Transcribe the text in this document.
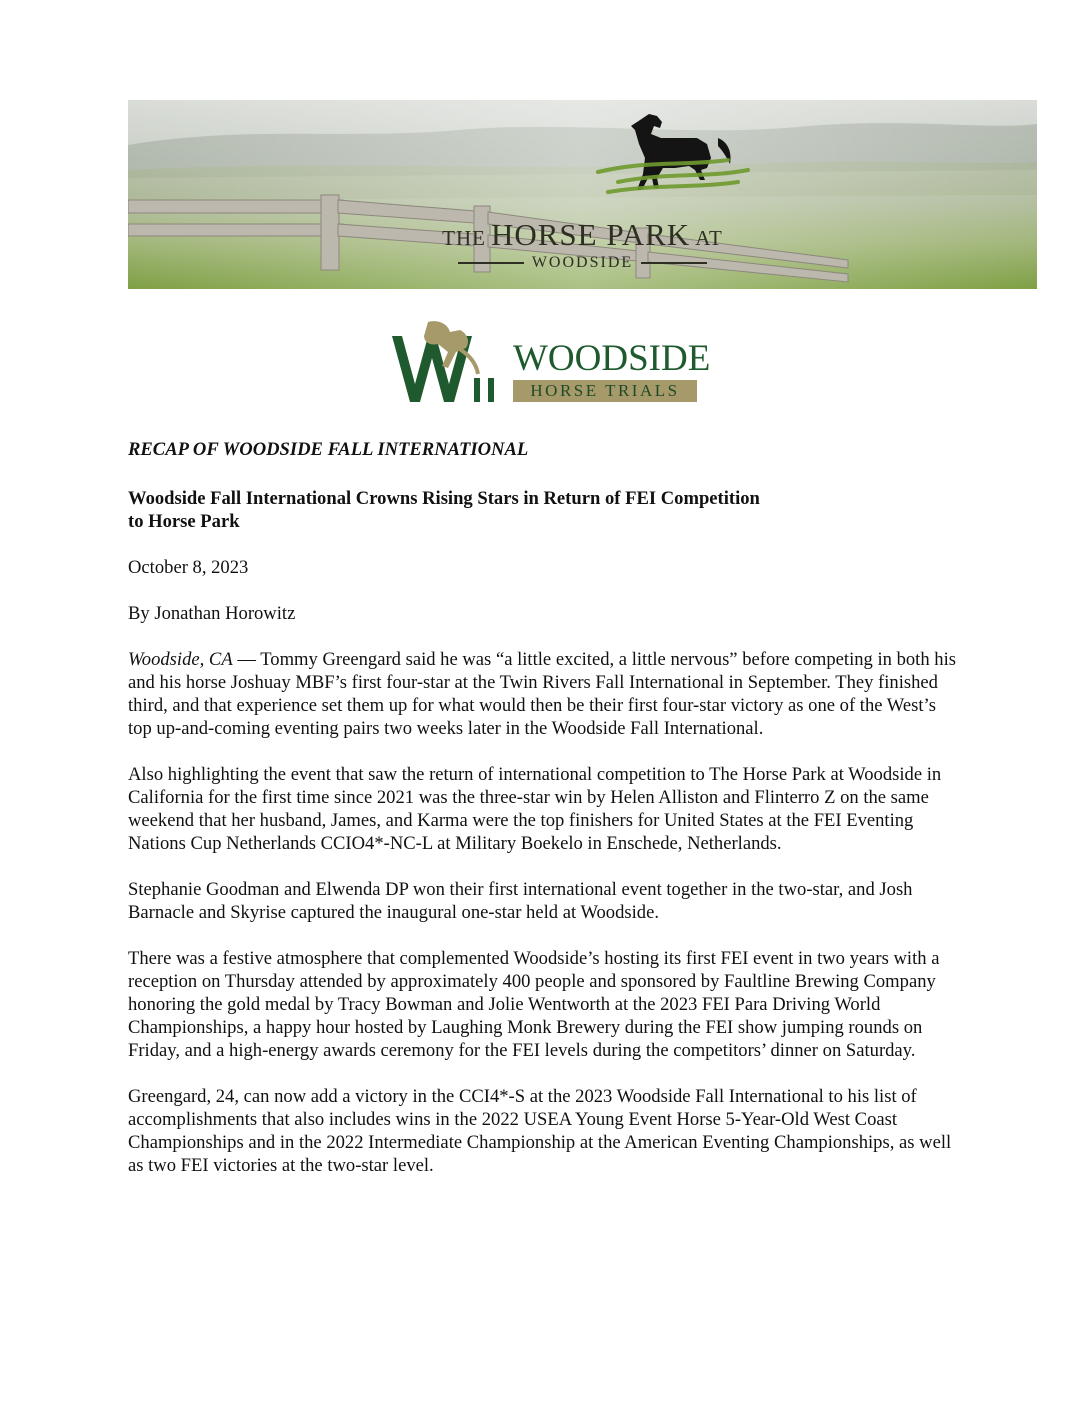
THE HORSE PARK AT
WOODSIDE
WOODSIDE
HORSE TRIALS

RECAP OF WOODSIDE FALL INTERNATIONAL

Woodside Fall International Crowns Rising Stars in Return of FEI Competition
to Horse Park

October 8, 2023

By Jonathan Horowitz

Woodside, CA — Tommy Greengard said he was “a little excited, a little nervous” before competing in both his and his horse Joshuay MBF’s first four-star at the Twin Rivers Fall International in September. They finished third, and that experience set them up for what would then be their first four-star victory as one of the West’s top up-and-coming eventing pairs two weeks later in the Woodside Fall International.

Also highlighting the event that saw the return of international competition to The Horse Park at Woodside in California for the first time since 2021 was the three-star win by Helen Alliston and Flinterro Z on the same weekend that her husband, James, and Karma were the top finishers for United States at the FEI Eventing Nations Cup Netherlands CCIO4*-NC-L at Military Boekelo in Enschede, Netherlands.

Stephanie Goodman and Elwenda DP won their first international event together in the two-star, and Josh Barnacle and Skyrise captured the inaugural one-star held at Woodside.

There was a festive atmosphere that complemented Woodside’s hosting its first FEI event in two years with a reception on Thursday attended by approximately 400 people and sponsored by Faultline Brewing Company honoring the gold medal by Tracy Bowman and Jolie Wentworth at the 2023 FEI Para Driving World Championships, a happy hour hosted by Laughing Monk Brewery during the FEI show jumping rounds on Friday, and a high-energy awards ceremony for the FEI levels during the competitors’ dinner on Saturday.

Greengard, 24, can now add a victory in the CCI4*-S at the 2023 Woodside Fall International to his list of accomplishments that also includes wins in the 2022 USEA Young Event Horse 5-Year-Old West Coast Championships and in the 2022 Intermediate Championship at the American Eventing Championships, as well as two FEI victories at the two-star level.
